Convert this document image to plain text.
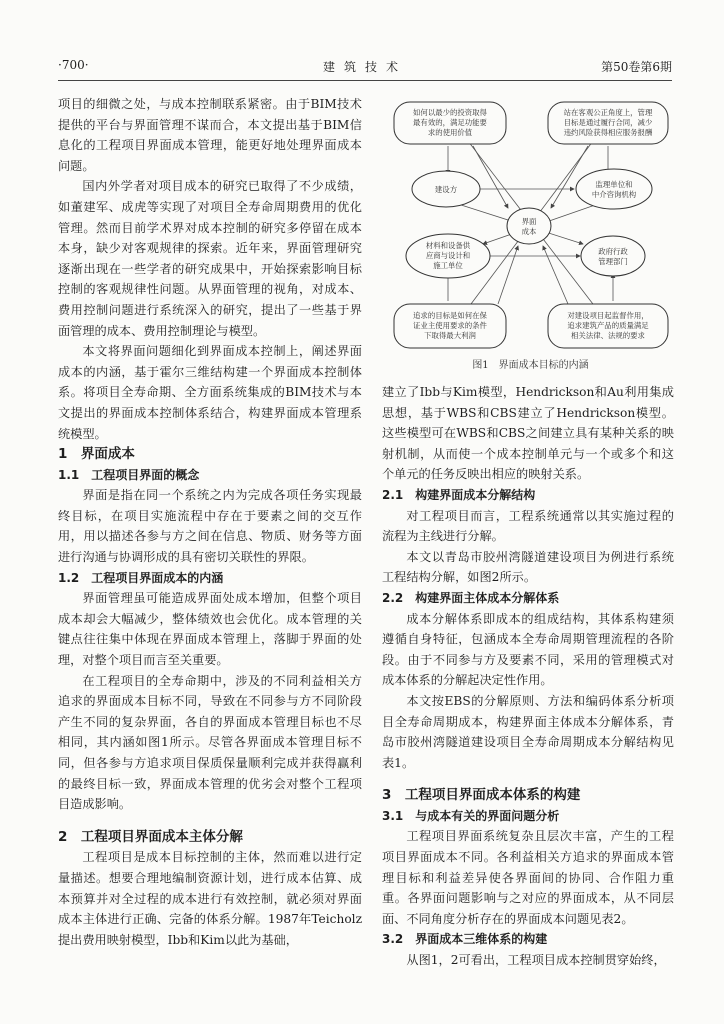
·700·	建筑技术	第50卷第6期

项目的细微之处，与成本控制联系紧密。由于BIM技术提供的平台与界面管理不谋而合，本文提出基于BIM信息化的工程项目界面成本管理，能更好地处理界面成本问题。

国内外学者对项目成本的研究已取得了不少成绩，如董建军、成虎等实现了对项目全寿命周期费用的优化管理。然而目前学术界对成本控制的研究多停留在成本本身，缺少对客观规律的探索。近年来，界面管理研究逐渐出现在一些学者的研究成果中，开始探索影响目标控制的客观规律性问题。从界面管理的视角，对成本、费用控制问题进行系统深入的研究，提出了一些基于界面管理的成本、费用控制理论与模型。

本文将界面问题细化到界面成本控制上，阐述界面成本的内涵，基于霍尔三维结构建一个界面成本控制体系。将项目全寿命期、全方面系统集成的BIM技术与本文提出的界面成本控制体系结合，构建界面成本管理系统模型。

1　界面成本

1.1　工程项目界面的概念

界面是指在同一个系统之内为完成各项任务实现最终目标，在项目实施流程中存在于要素之间的交互作用，用以描述各参与方之间在信息、物质、财务等方面进行沟通与协调形成的具有密切关联性的界限。

1.2　工程项目界面成本的内涵

界面管理虽可能造成界面处成本增加，但整个项目成本却会大幅减少，整体绩效也会优化。成本管理的关键点往往集中体现在界面成本管理上，落脚于界面的处理，对整个项目而言至关重要。

在工程项目的全寿命期中，涉及的不同利益相关方追求的界面成本目标不同，导致在不同参与方不同阶段产生不同的复杂界面，各自的界面成本管理目标也不尽相同，其内涵如图1所示。尽管各界面成本管理目标不同，但各参与方追求项目保质保量顺利完成并获得赢利的最终目标一致，界面成本管理的优劣会对整个工程项目造成影响。

2　工程项目界面成本主体分解

工程项目是成本目标控制的主体，然而难以进行定量描述。想要合理地编制资源计划，进行成本估算、成本预算并对全过程的成本进行有效控制，就必须对界面成本主体进行正确、完备的体系分解。1987年Teicholz提出费用映射模型，Ibb和Kim以此为基础，

如何以最少的投资取得
最有效的，满足功能要
求的使用价值
站在客观公正角度上，管理
目标是通过履行合同，减少
违约风险获得相应服务报酬
建设方
监理单位和
中介咨询机构
界面
成本
材料和设备供
应商与设计和
施工单位
政府行政
管理部门
追求的目标是如何在保
证业主使用要求的条件
下取得最大利润
对建设项目起监督作用，
追求建筑产品的质量满足
相关法律、法规的要求
图1　界面成本目标的内涵

建立了Ibb与Kim模型，Hendrickson和Au利用集成思想，基于WBS和CBS建立了Hendrickson模型。这些模型可在WBS和CBS之间建立具有某种关系的映射机制，从而使一个成本控制单元与一个或多个和这个单元的任务反映出相应的映射关系。

2.1　构建界面成本分解结构

对工程项目而言，工程系统通常以其实施过程的流程为主线进行分解。

本文以青岛市胶州湾隧道建设项目为例进行系统工程结构分解，如图2所示。

2.2　构建界面主体成本分解体系

成本分解体系即成本的组成结构，其体系构建须遵循自身特征，包涵成本全寿命周期管理流程的各阶段。由于不同参与方及要素不同，采用的管理模式对成本体系的分解起决定性作用。

本文按EBS的分解原则、方法和编码体系分析项目全寿命周期成本，构建界面主体成本分解体系，青岛市胶州湾隧道建设项目全寿命周期成本分解结构见表1。

3　工程项目界面成本体系的构建

3.1　与成本有关的界面问题分析

工程项目界面系统复杂且层次丰富，产生的工程项目界面成本不同。各利益相关方追求的界面成本管理目标和利益差异使各界面间的协同、合作阻力重重。各界面问题影响与之对应的界面成本，从不同层面、不同角度分析存在的界面成本问题见表2。

3.2　界面成本三维体系的构建

从图1，2可看出，工程项目成本控制贯穿始终，
